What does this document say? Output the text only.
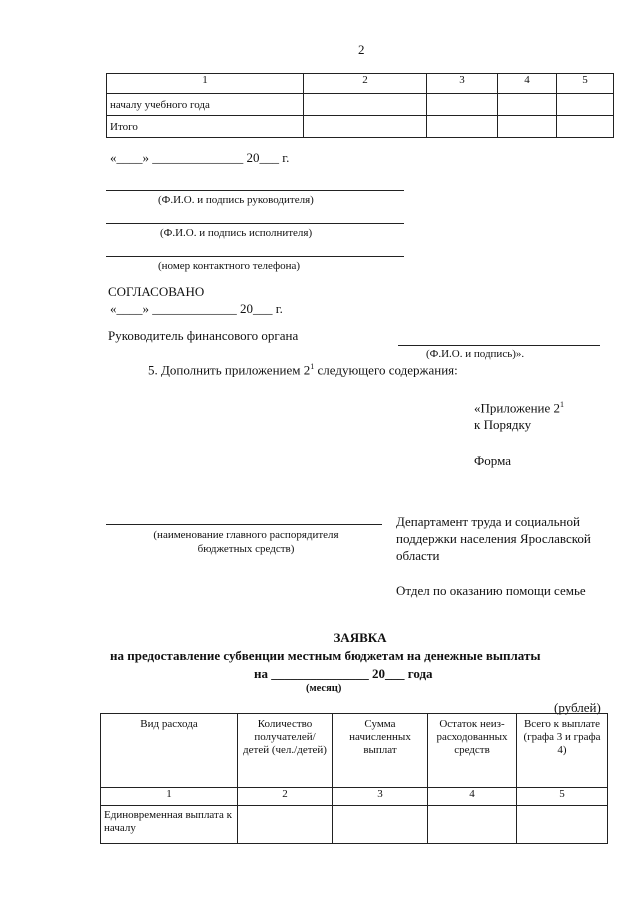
2
1	2	3	4	5
началу учебного года				
Итого				
«____» ______________ 20___ г.
(Ф.И.О. и подпись руководителя)
(Ф.И.О. и подпись исполнителя)
(номер контактного телефона)
СОГЛАСОВАНО
«____» _____________ 20___ г.
Руководитель финансового органа
(Ф.И.О. и подпись)».
5. Дополнить приложением $2^1$ следующего содержания:
«Приложение $2^1$
к Порядку
Форма
(наименование главного распорядителя бюджетных средств)
Департамент труда и социальной поддержки населения Ярославской области
Отдел по оказанию помощи семье
ЗАЯВКА
на предоставление субвенции местным бюджетам на денежные выплаты
на _______________ 20___ года
(месяц)
(рублей)
Вид расхода	Количество получателей/ детей (чел./детей)	Сумма начисленных выплат	Остаток неиз-расходованных средств	Всего к выплате (графа 3 и графа 4)
1	2	3	4	5
Единовременная выплата к началу				
